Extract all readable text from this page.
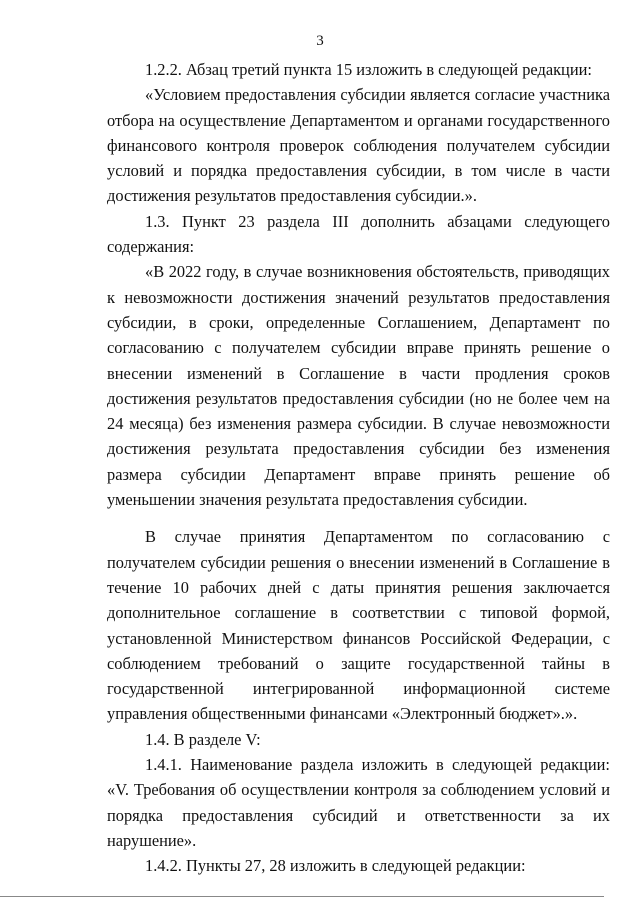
3

1.2.2. Абзац третий пункта 15 изложить в следующей редакции:

«Условием предоставления субсидии является согласие участника отбора на осуществление Департаментом и органами государственного финансового контроля проверок соблюдения получателем субсидии условий и порядка предоставления субсидии, в том числе в части достижения результатов предоставления субсидии.».

1.3. Пункт 23 раздела III дополнить абзацами следующего содержания:

«В 2022 году, в случае возникновения обстоятельств, приводящих к невозможности достижения значений результатов предоставления субсидии, в сроки, определенные Соглашением, Департамент по согласованию с получателем субсидии вправе принять решение о внесении изменений в Соглашение в части продления сроков достижения результатов предоставления субсидии (но не более чем на 24 месяца) без изменения размера субсидии. В случае невозможности достижения результата предоставления субсидии без изменения размера субсидии Департамент вправе принять решение об уменьшении значения результата предоставления субсидии.

В случае принятия Департаментом по согласованию с получателем субсидии решения о внесении изменений в Соглашение в течение 10 рабочих дней с даты принятия решения заключается дополнительное соглашение в соответствии с типовой формой, установленной Министерством финансов Российской Федерации, с соблюдением требований о защите государственной тайны в государственной интегрированной информационной системе управления общественными финансами «Электронный бюджет».».

1.4. В разделе V:

1.4.1. Наименование раздела изложить в следующей редакции: «V. Требования об осуществлении контроля за соблюдением условий и порядка предоставления субсидий и ответственности за их нарушение».

1.4.2. Пункты 27, 28 изложить в следующей редакции:
